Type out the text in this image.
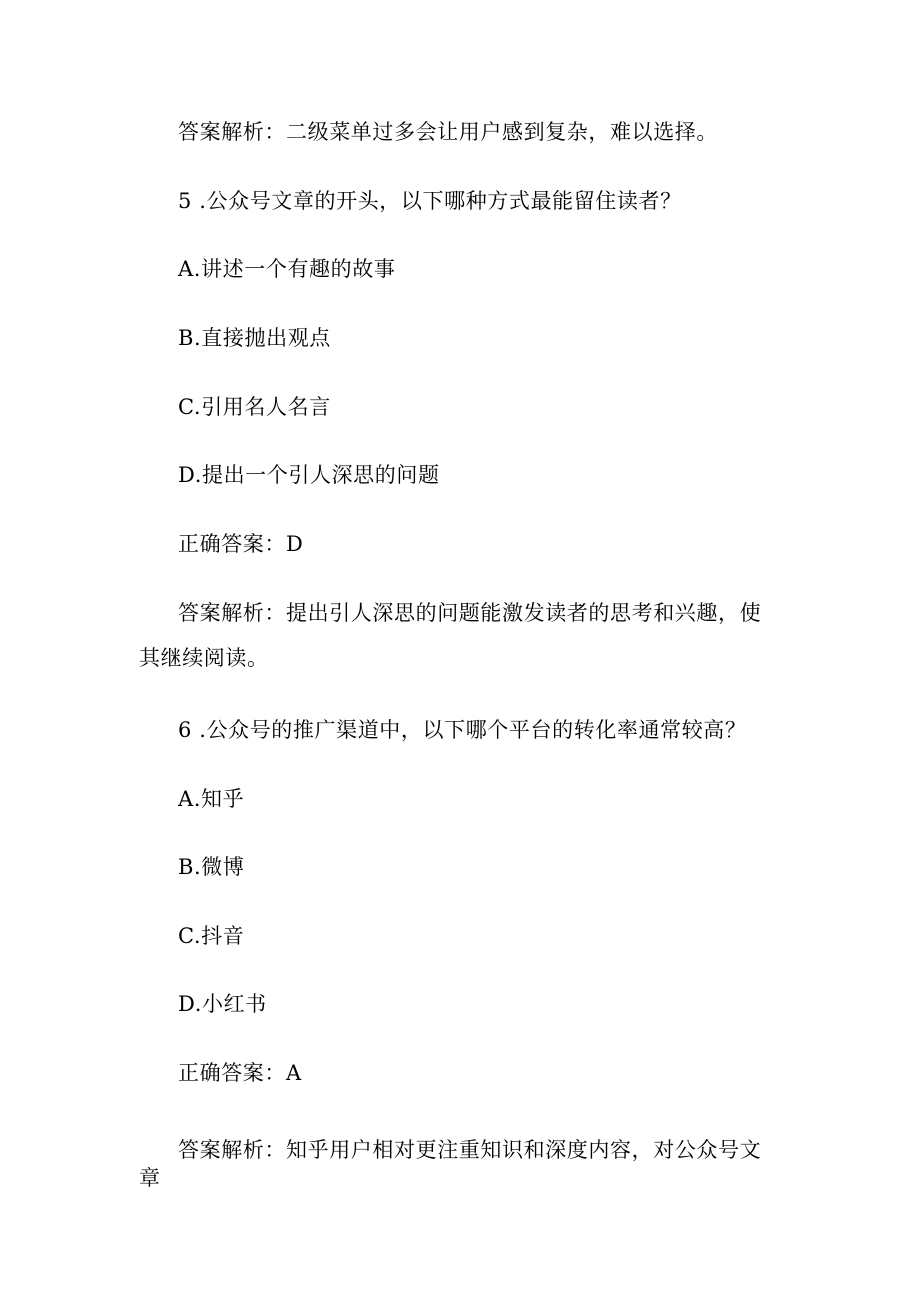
答案解析：二级菜单过多会让用户感到复杂，难以选择。
5 .公众号文章的开头，以下哪种方式最能留住读者？
A.讲述一个有趣的故事
B.直接抛出观点
C.引用名人名言
D.提出一个引人深思的问题
正确答案：D
答案解析：提出引人深思的问题能激发读者的思考和兴趣，使
其继续阅读。
6 .公众号的推广渠道中，以下哪个平台的转化率通常较高？
A.知乎
B.微博
C.抖音
D.小红书
正确答案：A
答案解析：知乎用户相对更注重知识和深度内容，对公众号文
章
